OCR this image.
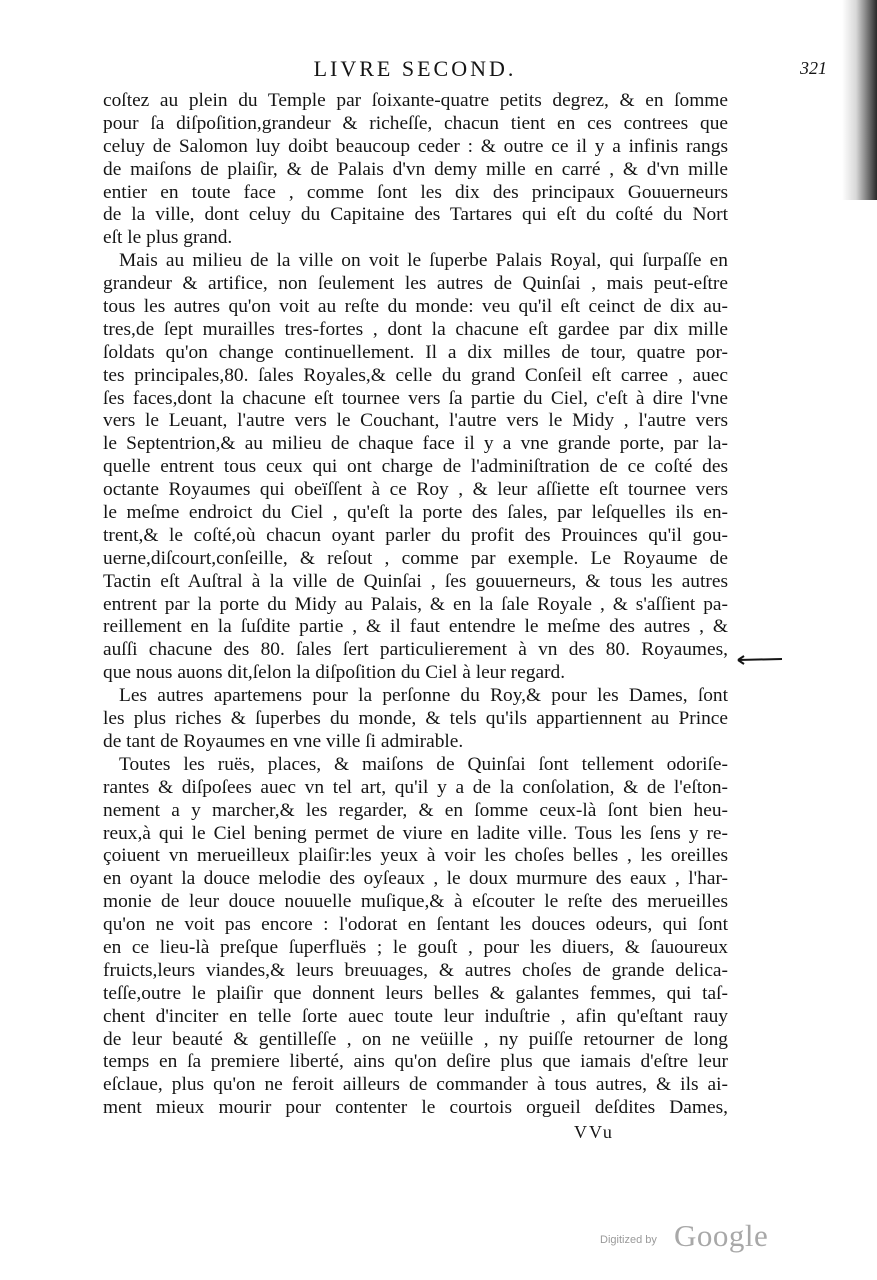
LIVRE SECOND.	321
coſtez au plein du Temple par ſoixante-quatre petits degrez, & en ſomme
pour ſa diſpoſition,grandeur & richeſſe, chacun tient en ces contrees que
celuy de Salomon luy doibt beaucoup ceder : & outre ce il y a infinis rangs
de maiſons de plaiſir, & de Palais d'vn demy mille en carré , & d'vn mille
entier en toute face , comme ſont les dix des principaux Gouuerneurs
de la ville, dont celuy du Capitaine des Tartares qui eſt du coſté du Nort
eſt le plus grand.
Mais au milieu de la ville on voit le ſuperbe Palais Royal, qui ſurpaſſe en
grandeur & artifice, non ſeulement les autres de Quinſai , mais peut-eſtre
tous les autres qu'on voit au reſte du monde: veu qu'il eſt ceinct de dix au-
tres,de ſept murailles tres-fortes , dont la chacune eſt gardee par dix mille
ſoldats qu'on change continuellement. Il a dix milles de tour, quatre por-
tes principales,80. ſales Royales,& celle du grand Conſeil eſt carree , auec
ſes faces,dont la chacune eſt tournee vers ſa partie du Ciel, c'eſt à dire l'vne
vers le Leuant, l'autre vers le Couchant, l'autre vers le Midy , l'autre vers
le Septentrion,& au milieu de chaque face il y a vne grande porte, par la-
quelle entrent tous ceux qui ont charge de l'adminiſtration de ce coſté des
octante Royaumes qui obeïſſent à ce Roy , & leur aſſiette eſt tournee vers
le meſme endroict du Ciel , qu'eſt la porte des ſales, par leſquelles ils en-
trent,& le coſté,où chacun oyant parler du profit des Prouinces qu'il gou-
uerne,diſcourt,conſeille, & reſout , comme par exemple. Le Royaume de
Tactin eſt Auſtral à la ville de Quinſai , ſes gouuerneurs, & tous les autres
entrent par la porte du Midy au Palais, & en la ſale Royale , & s'aſſient pa-
reillement en la ſuſdite partie , & il faut entendre le meſme des autres , &
auſſi chacune des 80. ſales ſert particulierement à vn des 80. Royaumes,
que nous auons dit,ſelon la diſpoſition du Ciel à leur regard.
Les autres apartemens pour la perſonne du Roy,& pour les Dames, ſont
les plus riches & ſuperbes du monde, & tels qu'ils appartiennent au Prince
de tant de Royaumes en vne ville ſi admirable.
Toutes les ruës, places, & maiſons de Quinſai ſont tellement odoriſe-
rantes & diſpoſees auec vn tel art, qu'il y a de la conſolation, & de l'eſton-
nement a y marcher,& les regarder, & en ſomme ceux-là ſont bien heu-
reux,à qui le Ciel bening permet de viure en ladite ville. Tous les ſens y re-
çoiuent vn merueilleux plaiſir:les yeux à voir les choſes belles , les oreilles
en oyant la douce melodie des oyſeaux , le doux murmure des eaux , l'har-
monie de leur douce nouuelle muſique,& à eſcouter le reſte des merueilles
qu'on ne voit pas encore : l'odorat en ſentant les douces odeurs, qui ſont
en ce lieu-là preſque ſuperfluës ; le gouſt , pour les diuers, & ſauoureux
fruicts,leurs viandes,& leurs breuuages, & autres choſes de grande delica-
teſſe,outre le plaiſir que donnent leurs belles & galantes femmes, qui taſ-
chent d'inciter en telle ſorte auec toute leur induſtrie , afin qu'eſtant rauy
de leur beauté & gentilleſſe , on ne veüille , ny puiſſe retourner de long
temps en ſa premiere liberté, ains qu'on deſire plus que iamais d'eſtre leur
eſclaue, plus qu'on ne feroit ailleurs de commander à tous autres, & ils ai-
ment mieux mourir pour contenter le courtois orgueil deſdites Dames,
VVu
Digitized by Google
